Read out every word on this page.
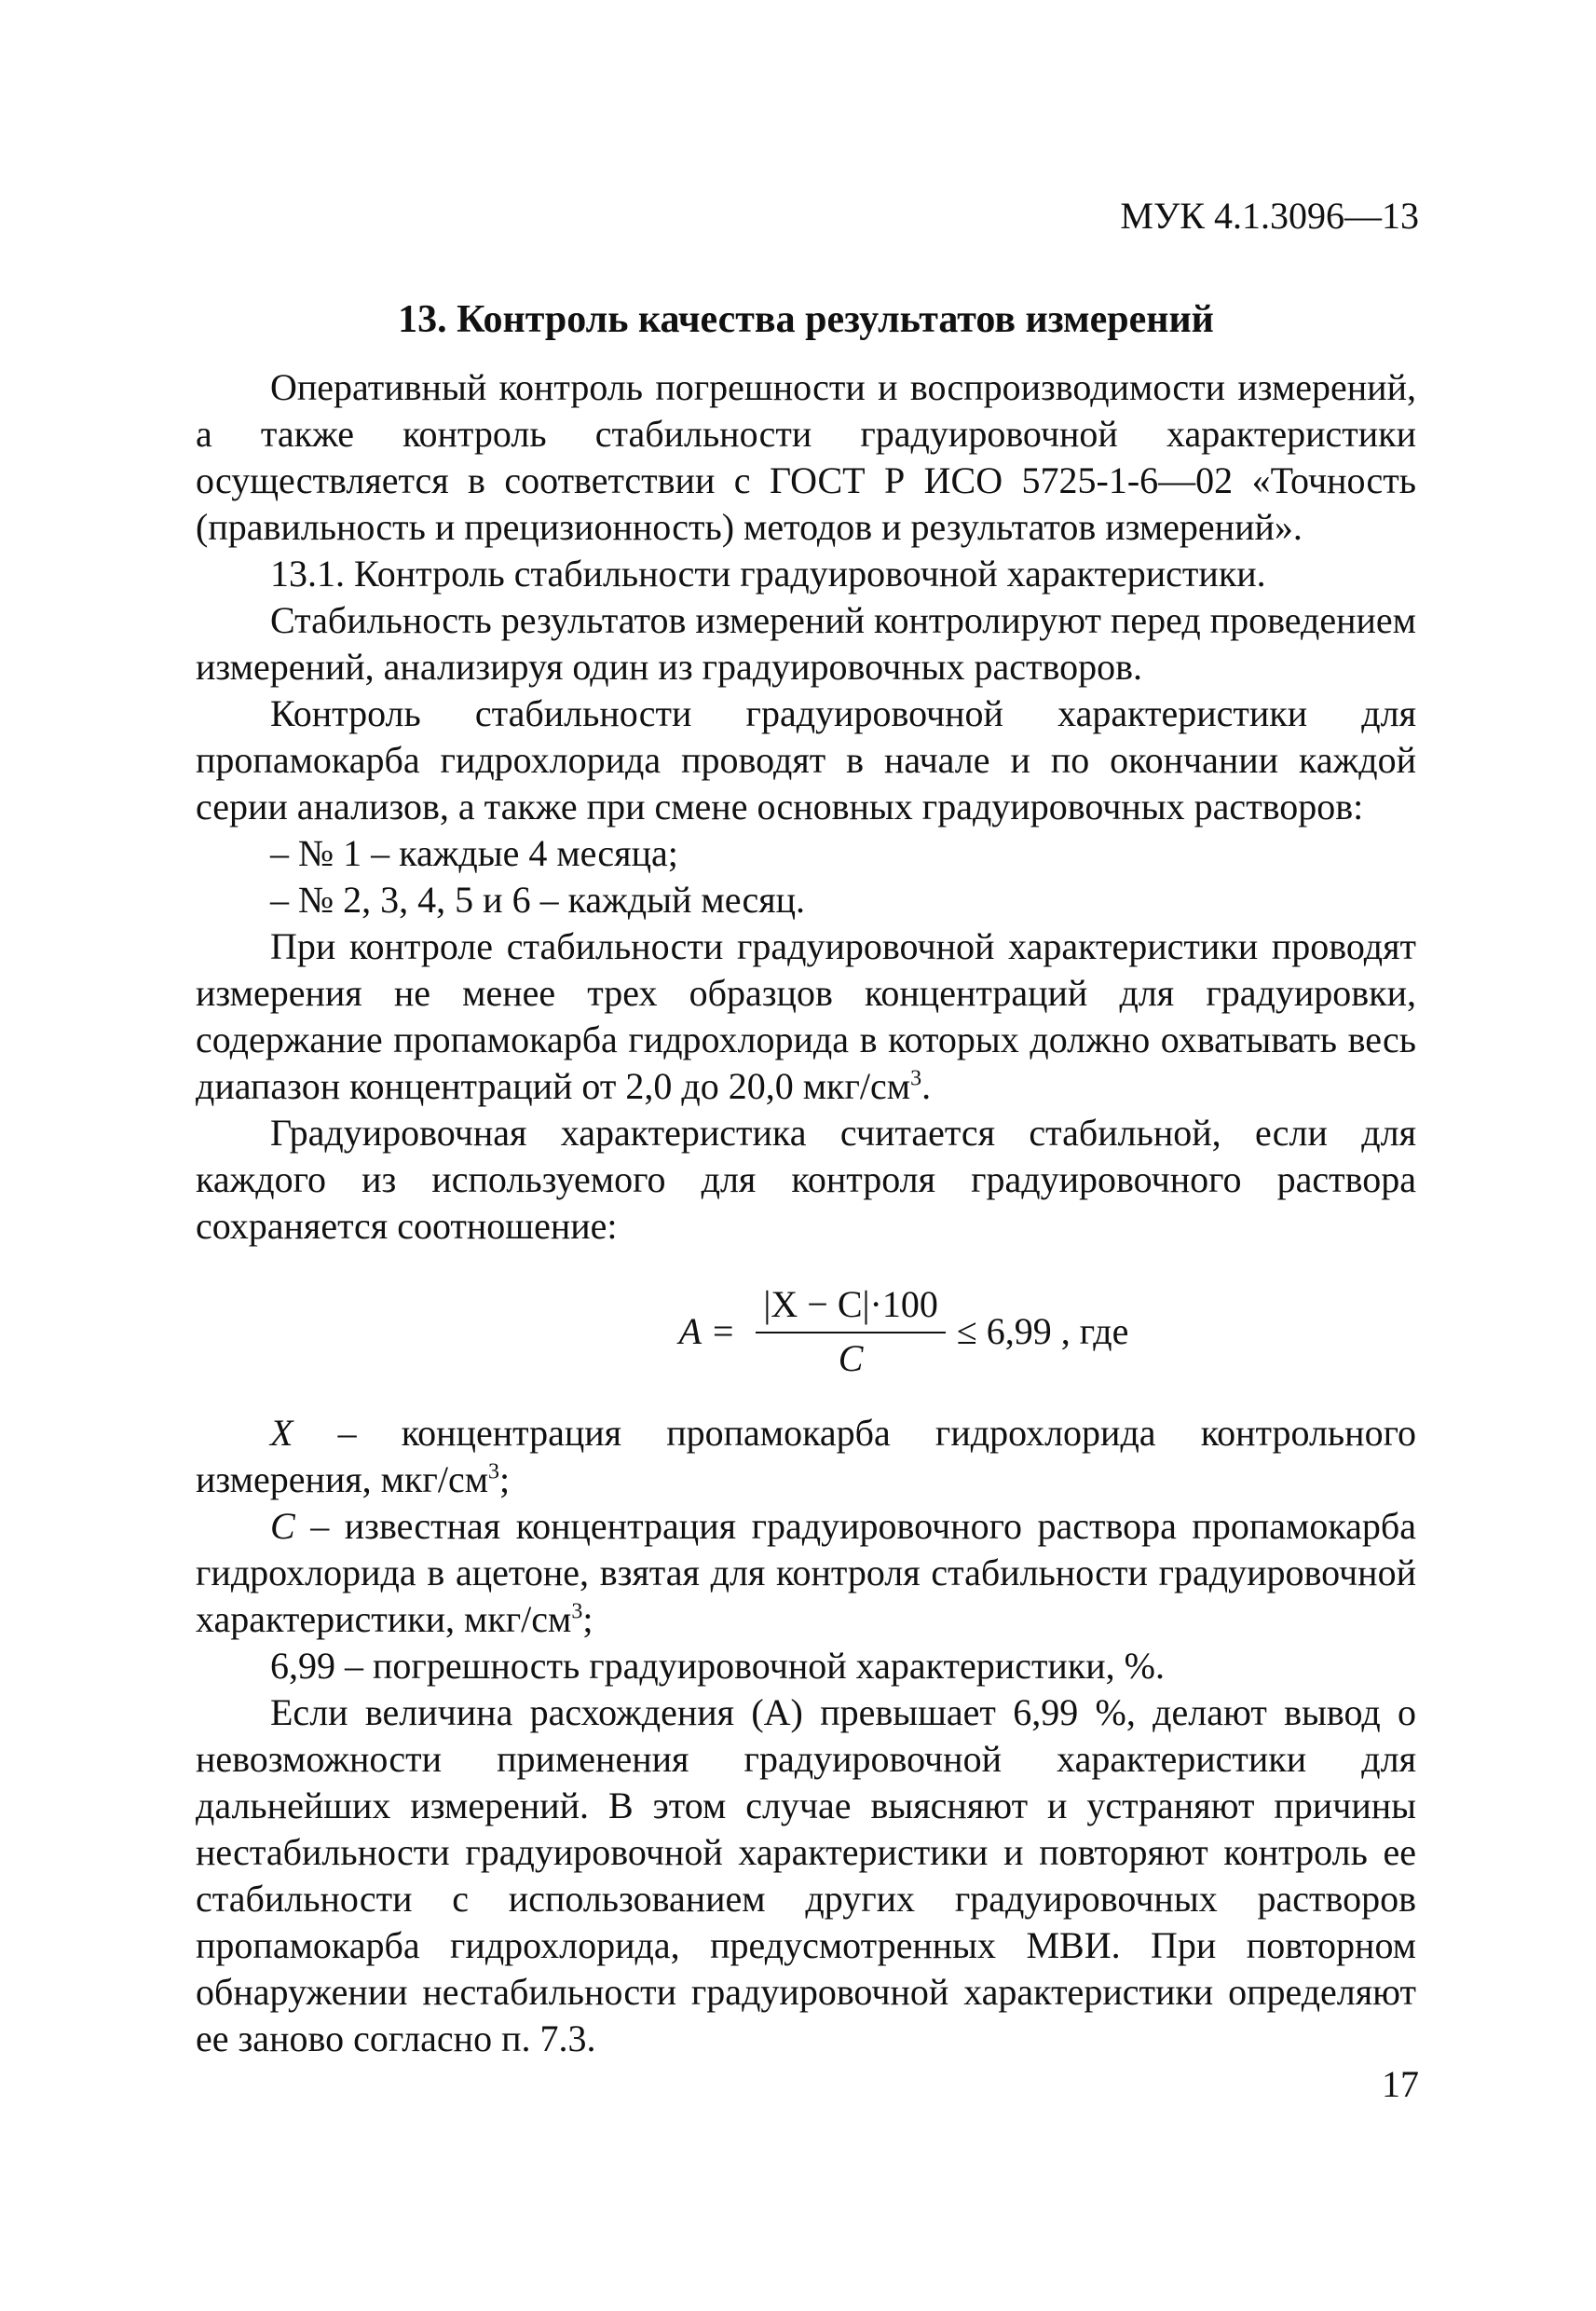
МУК 4.1.3096—13
13. Контроль качества результатов измерений

Оперативный контроль погрешности и воспроизводимости измерений, а также контроль стабильности градуировочной характеристики осуществляется в соответствии с ГОСТ Р ИСО 5725-1-6—02 «Точность (правильность и прецизионность) методов и результатов измерений».

13.1. Контроль стабильности градуировочной характеристики.

Стабильность результатов измерений контролируют перед проведением измерений, анализируя один из градуировочных растворов.

Контроль стабильности градуировочной характеристики для пропамокарба гидрохлорида проводят в начале и по окончании каждой серии анализов, а также при смене основных градуировочных растворов:

– № 1 – каждые 4 месяца;

– № 2, 3, 4, 5 и 6 – каждый месяц.

При контроле стабильности градуировочной характеристики проводят измерения не менее трех образцов концентраций для градуировки, содержание пропамокарба гидрохлорида в которых должно охватывать весь диапазон концентраций от 2,0 до 20,0 мкг/$см^3$.

Градуировочная характеристика считается стабильной, если для каждого из используемого для контроля градуировочного раствора сохраняется соотношение:

$A = \frac{|X - C|\cdot 100}{C} \le 6,99$ , где

X – концентрация пропамокарба гидрохлорида контрольного измерения, мкг/$см^3$;

C – известная концентрация градуировочного раствора пропамокарба гидрохлорида в ацетоне, взятая для контроля стабильности градуировочной характеристики, мкг/$см^3$;

6,99 – погрешность градуировочной характеристики, %.

Если величина расхождения (А) превышает 6,99 %, делают вывод о невозможности применения градуировочной характеристики для дальнейших измерений. В этом случае выясняют и устраняют причины нестабильности градуировочной характеристики и повторяют контроль ее стабильности с использованием других градуировочных растворов пропамокарба гидрохлорида, предусмотренных МВИ. При повторном обнаружении нестабильности градуировочной характеристики определяют ее заново согласно п. 7.3.

17
